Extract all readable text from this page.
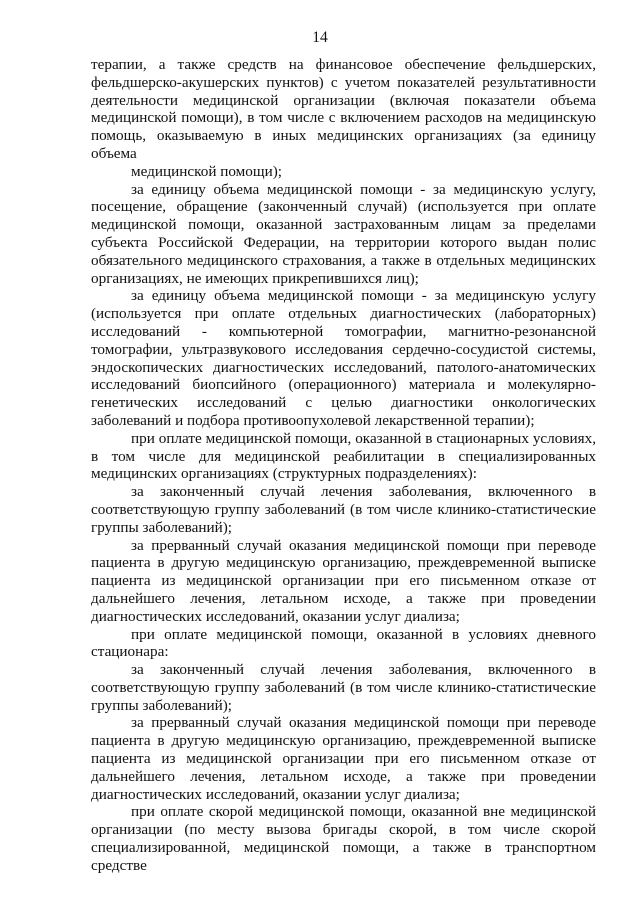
14

терапии, а также средств на финансовое обеспечение фельдшерских, фельдшерско-акушерских пунктов) с учетом показателей результативности деятельности медицинской организации (включая показатели объема медицинской помощи), в том числе с включением расходов на медицинскую помощь, оказываемую в иных медицинских организациях (за единицу объема

медицинской помощи);

за единицу объема медицинской помощи - за медицинскую услугу, посещение, обращение (законченный случай) (используется при оплате медицинской помощи, оказанной застрахованным лицам за пределами субъекта Российской Федерации, на территории которого выдан полис обязательного медицинского страхования, а также в отдельных медицинских организациях, не имеющих прикрепившихся лиц);

за единицу объема медицинской помощи - за медицинскую услугу (используется при оплате отдельных диагностических (лабораторных) исследований - компьютерной томографии, магнитно-резонансной томографии, ультразвукового исследования сердечно-сосудистой системы, эндоскопических диагностических исследований, патолого-анатомических исследований биопсийного (операционного) материала и молекулярно-генетических исследований с целью диагностики онкологических заболеваний и подбора противоопухолевой лекарственной терапии);

при оплате медицинской помощи, оказанной в стационарных условиях, в том числе для медицинской реабилитации в специализированных медицинских организациях (структурных подразделениях):

за законченный случай лечения заболевания, включенного в соответствующую группу заболеваний (в том числе клинико-статистические группы заболеваний);

за прерванный случай оказания медицинской помощи при переводе пациента в другую медицинскую организацию, преждевременной выписке пациента из медицинской организации при его письменном отказе от дальнейшего лечения, летальном исходе, а также при проведении диагностических исследований, оказании услуг диализа;

при оплате медицинской помощи, оказанной в условиях дневного стационара:

за законченный случай лечения заболевания, включенного в соответствующую группу заболеваний (в том числе клинико-статистические группы заболеваний);

за прерванный случай оказания медицинской помощи при переводе пациента в другую медицинскую организацию, преждевременной выписке пациента из медицинской организации при его письменном отказе от дальнейшего лечения, летальном исходе, а также при проведении диагностических исследований, оказании услуг диализа;

при оплате скорой медицинской помощи, оказанной вне медицинской организации (по месту вызова бригады скорой, в том числе скорой специализированной, медицинской помощи, а также в транспортном средстве
